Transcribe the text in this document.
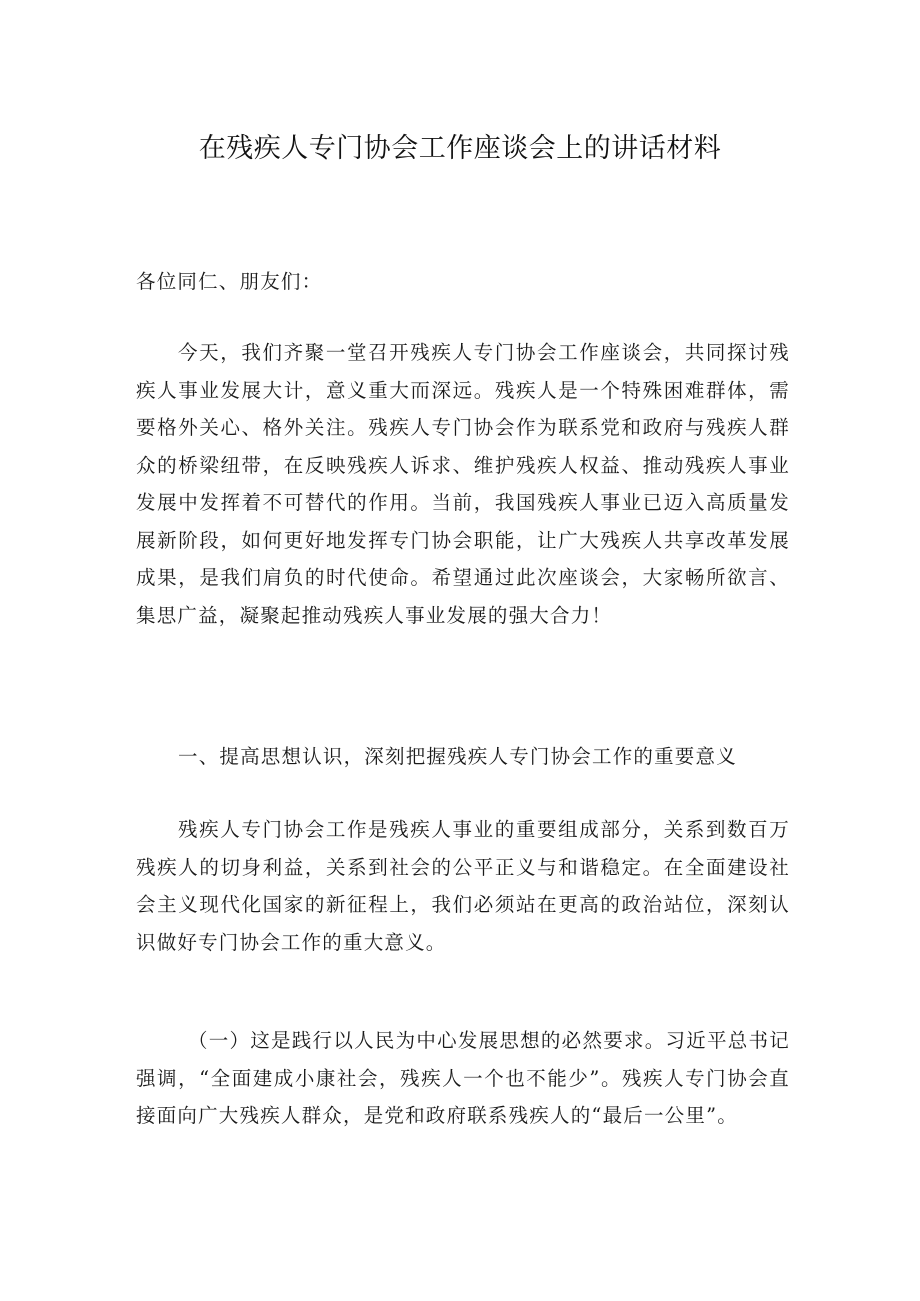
在残疾人专门协会工作座谈会上的讲话材料
各位同仁、朋友们：
今天，我们齐聚一堂召开残疾人专门协会工作座谈会，共同探讨残疾人事业发展大计，意义重大而深远。残疾人是一个特殊困难群体，需要格外关心、格外关注。残疾人专门协会作为联系党和政府与残疾人群众的桥梁纽带，在反映残疾人诉求、维护残疾人权益、推动残疾人事业发展中发挥着不可替代的作用。当前，我国残疾人事业已迈入高质量发展新阶段，如何更好地发挥专门协会职能，让广大残疾人共享改革发展成果，是我们肩负的时代使命。希望通过此次座谈会，大家畅所欲言、集思广益，凝聚起推动残疾人事业发展的强大合力！
一、提高思想认识，深刻把握残疾人专门协会工作的重要意义
残疾人专门协会工作是残疾人事业的重要组成部分，关系到数百万残疾人的切身利益，关系到社会的公平正义与和谐稳定。在全面建设社会主义现代化国家的新征程上，我们必须站在更高的政治站位，深刻认识做好专门协会工作的重大意义。
（一）这是践行以人民为中心发展思想的必然要求。习近平总书记强调，“全面建成小康社会，残疾人一个也不能少”。残疾人专门协会直接面向广大残疾人群众，是党和政府联系残疾人的“最后一公里”。
